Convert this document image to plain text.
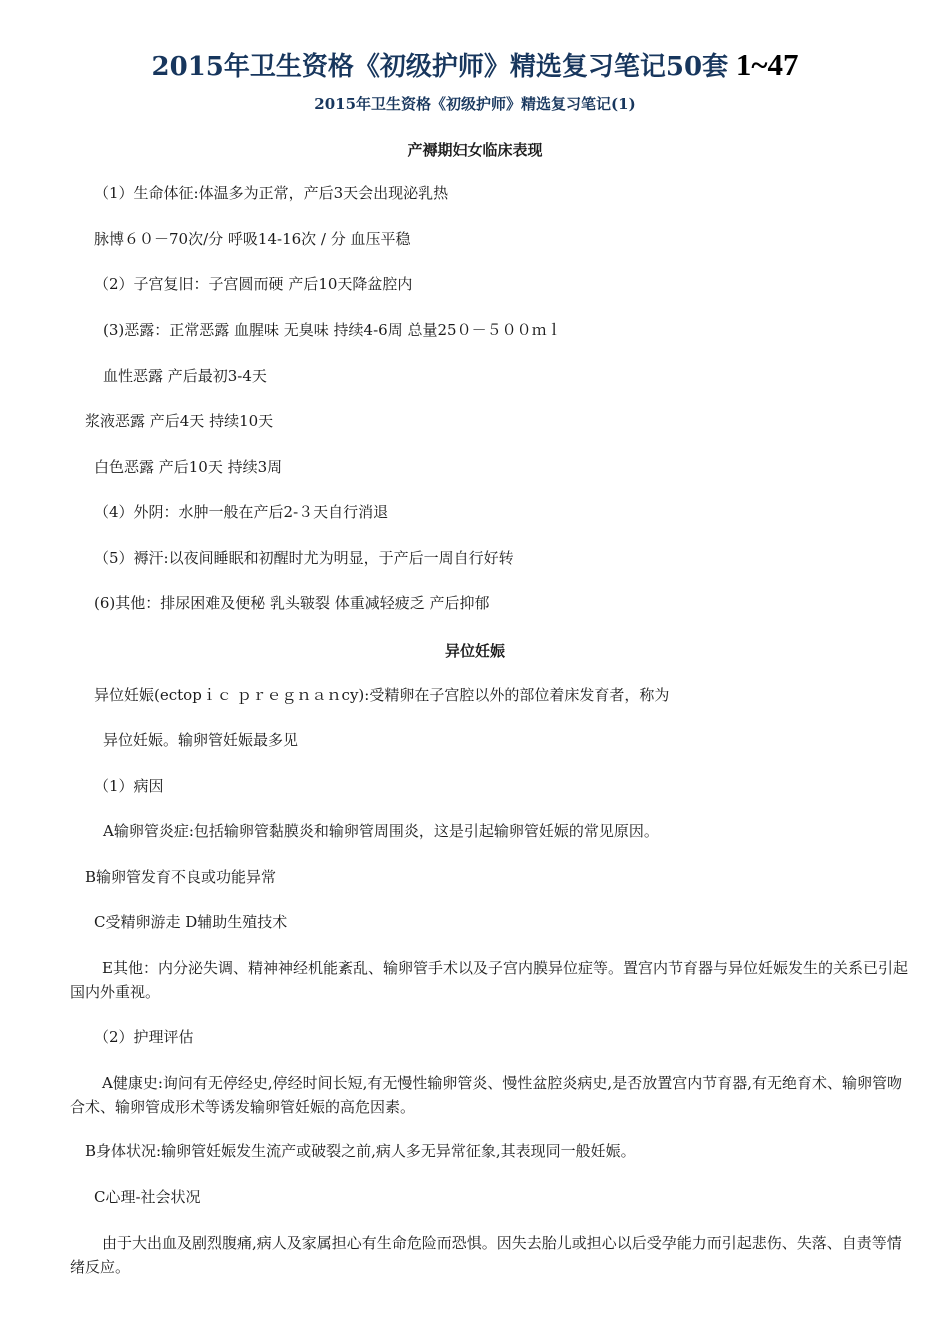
2015年卫生资格《初级护师》精选复习笔记50套 1~47
2015年卫生资格《初级护师》精选复习笔记(1)
产褥期妇女临床表现

（1）生命体征:体温多为正常，产后3天会出现泌乳热

脉博６０－70次/分 呼吸14-16次 / 分 血压平稳

（2）子宫复旧：子宫圆而硬 产后10天降盆腔内

(3)恶露：正常恶露 血腥味 无臭味 持续4-6周 总量25０－５００ｍｌ

血性恶露 产后最初3-4天

浆液恶露 产后4天 持续10天

白色恶露 产后10天 持续3周

（4）外阴：水肿一般在产后2-３天自行消退

（5）褥汗:以夜间睡眠和初醒时尤为明显，于产后一周自行好转

(6)其他：排尿困难及便秘 乳头皲裂 体重减轻疲乏 产后抑郁

异位妊娠

异位妊娠(ectopｉｃ ｐｒｅｇｎａｎcy):受精卵在子宫腔以外的部位着床发育者，称为

异位妊娠。输卵管妊娠最多见

（1）病因

A输卵管炎症:包括输卵管黏膜炎和输卵管周围炎，这是引起输卵管妊娠的常见原因。

B输卵管发育不良或功能异常

C受精卵游走 D辅助生殖技术

E其他：内分泌失调、精神神经机能紊乱、输卵管手术以及子宫内膜异位症等。置宫内节育器与异位妊娠发生的关系已引起国内外重视。

（2）护理评估

A健康史:询问有无停经史,停经时间长短,有无慢性输卵管炎、慢性盆腔炎病史,是否放置宫内节育器,有无绝育术、输卵管吻合术、输卵管成形术等诱发输卵管妊娠的高危因素。

B身体状况:输卵管妊娠发生流产或破裂之前,病人多无异常征象,其表现同一般妊娠。

C心理-社会状况

由于大出血及剧烈腹痛,病人及家属担心有生命危险而恐惧。因失去胎儿或担心以后受孕能力而引起悲伤、失落、自责等情绪反应。
